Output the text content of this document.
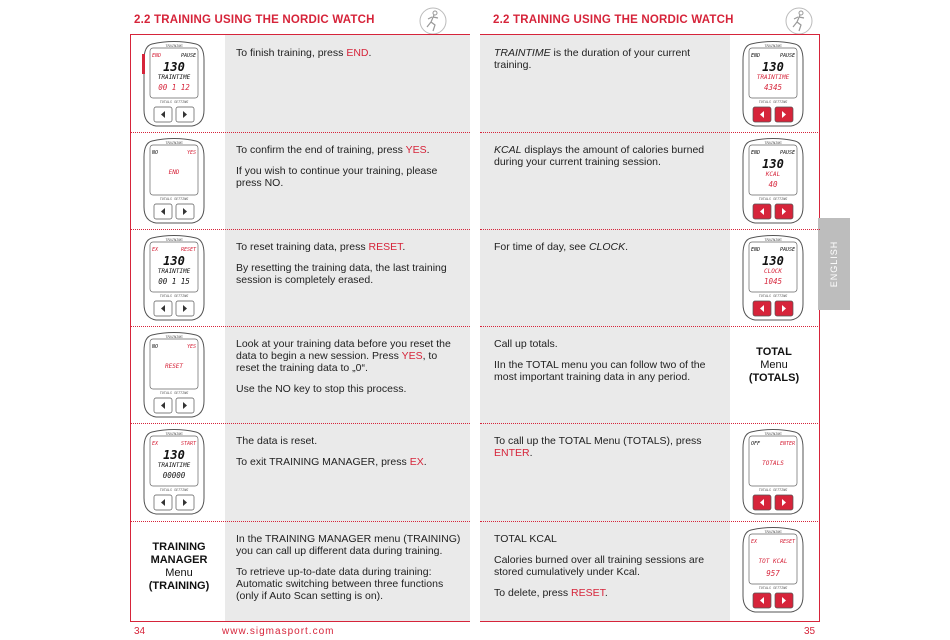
2.2 TRAINING USING THE NORDIC WATCH	2.2 TRAINING USING THE NORDIC WATCH
ENGLISH
TRAINING
END	PAUSE
130
TRAINTIME
00 1 12
TOTALS SETTING

To finish training, press END.

TRAINING
NO	YES
END
TOTALS SETTING

To confirm the end of training, press YES.

If you wish to continue your training, please press NO.

TRAINING
EX	RESET
130
TRAINTIME
00 1 15
TOTALS SETTING

To reset training data, press RESET.

By resetting the training data, the last training session is completely erased.

TRAINING
NO	YES
RESET
TOTALS SETTING

Look at your training data before you reset the data to begin a new session. Press YES, to reset the training data to „0“.

Use the NO key to stop this process.

TRAINING
EX	START
130
TRAINTIME
00000
TOTALS SETTING

The data is reset.

To exit TRAINING MANAGER, press EX.

TRAINING
MANAGER
Menu
(TRAINING)

In the TRAINING MANAGER menu (TRAINING) you can call up different data during training.

To retrieve up-to-date data during training: Automatic switching between three functions (only if Auto Scan setting is on).

TRAINTIME is the duration of your current training.

TRAINING
END	PAUSE
130
TRAINTIME
4345
TOTALS SETTING

KCAL displays the amount of calories burned during your current training session.

TRAINING
END	PAUSE
130
KCAL
40
TOTALS SETTING

For time of day, see CLOCK.

TRAINING
END	PAUSE
130
CLOCK
1045
TOTALS SETTING

Call up totals.

IIn the TOTAL menu you can follow two of the most important training data in any period.

TOTAL
Menu
(TOTALS)

To call up the TOTAL Menu (TOTALS), press ENTER.

TRAINING
OFF	ENTER
TOTALS
TOTALS SETTING

TOTAL KCAL

Calories burned over all training sessions are stored cumulatively under Kcal.

To delete, press RESET.

TRAINING
EX	RESET
TOT KCAL
957
TOTALS SETTING
34	www.sigmasport.com	35
